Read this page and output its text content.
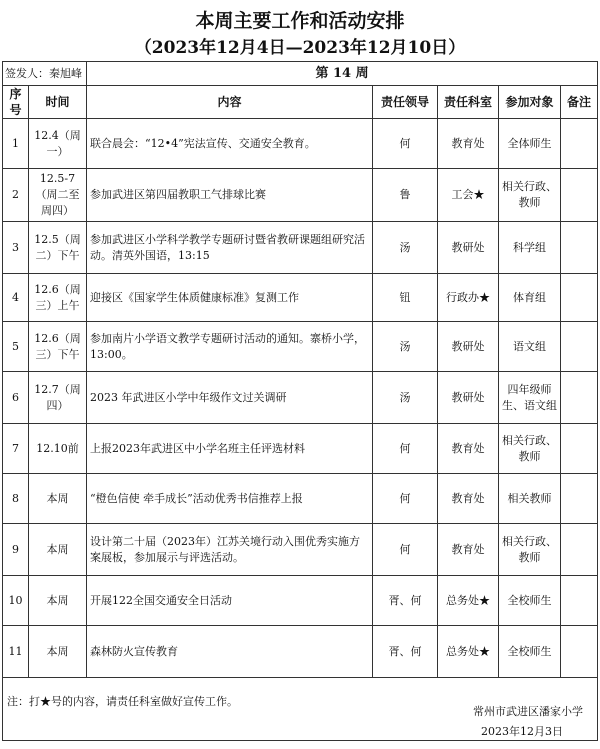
本周主要工作和活动安排
（2023年12月4日—2023年12月10日）
签发人：秦旭峰		第 14 周				
序号	时间	内容	责任领导	责任科室	参加对象	备注
1	12.4（周一）	联合晨会：“12•4”宪法宣传、交通安全教育。	何	教育处	全体师生	
2	12.5-7（周二至周四）	参加武进区第四届教职工气排球比赛	鲁	工会★	相关行政、教师	
3	12.5（周二）下午	参加武进区小学科学教学专题研讨暨省教研课题组研究活动。清英外国语，13:15	汤	教研处	科学组	
4	12.6（周三）上午	迎接区《国家学生体质健康标准》复测工作	钮	行政办★	体育组	
5	12.6（周三）下午	参加南片小学语文教学专题研讨活动的通知。寨桥小学，13:00。	汤	教研处	语文组	
6	12.7（周四）	2023 年武进区小学中年级作文过关调研	汤	教研处	四年级师生、语文组	
7	12.10前	上报2023年武进区中小学名班主任评选材料	何	教育处	相关行政、教师	
8	本周	“橙色信使 牵手成长”活动优秀书信推荐上报	何	教育处	相关教师	
9	本周	设计第二十届（2023年）江苏关境行动入围优秀实施方案展板，参加展示与评选活动。	何	教育处	相关行政、教师	
10	本周	开展122全国交通安全日活动	胥、何	总务处★	全校师生	
11	本周	森林防火宣传教育	胥、何	总务处★	全校师生	

注：打★号的内容，请责任科室做好宣传工作。
常州市武进区潘家小学
2023年12月3日						
